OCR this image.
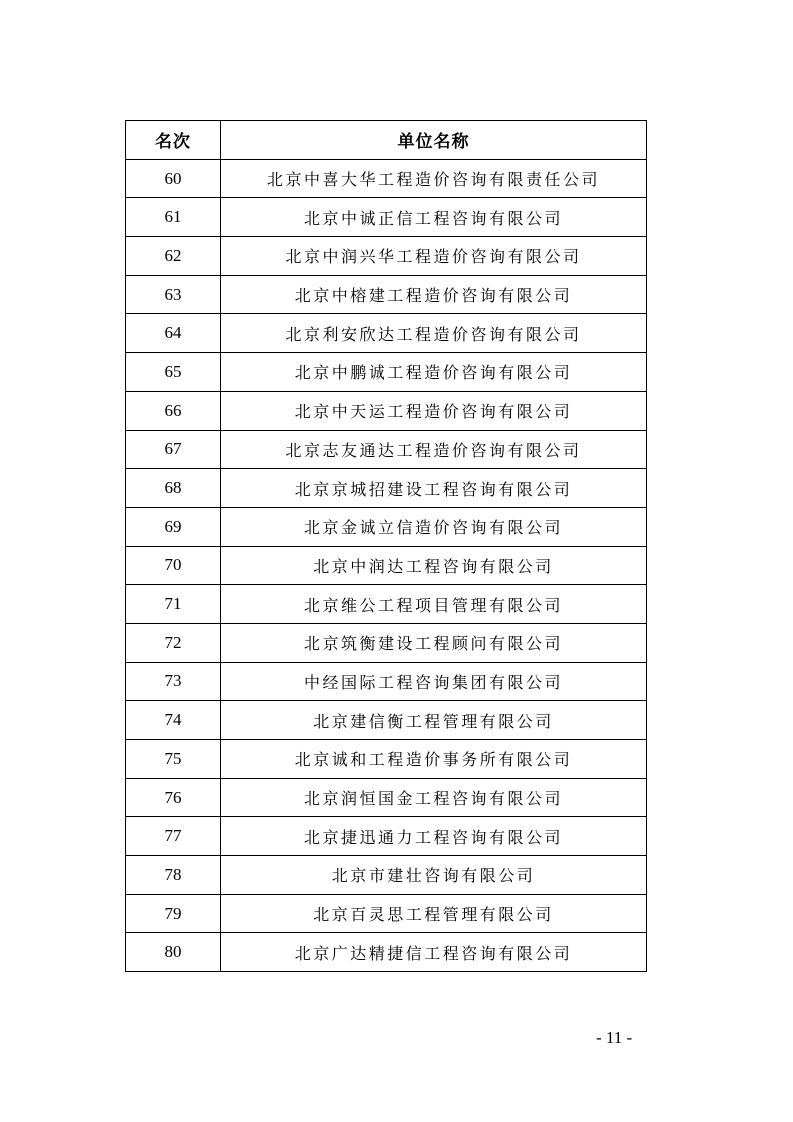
名次	单位名称
60	北京中喜大华工程造价咨询有限责任公司
61	北京中诚正信工程咨询有限公司
62	北京中润兴华工程造价咨询有限公司
63	北京中榕建工程造价咨询有限公司
64	北京利安欣达工程造价咨询有限公司
65	北京中鹏诚工程造价咨询有限公司
66	北京中天运工程造价咨询有限公司
67	北京志友通达工程造价咨询有限公司
68	北京京城招建设工程咨询有限公司
69	北京金诚立信造价咨询有限公司
70	北京中润达工程咨询有限公司
71	北京维公工程项目管理有限公司
72	北京筑衡建设工程顾问有限公司
73	中经国际工程咨询集团有限公司
74	北京建信衡工程管理有限公司
75	北京诚和工程造价事务所有限公司
76	北京润恒国金工程咨询有限公司
77	北京捷迅通力工程咨询有限公司
78	北京市建壮咨询有限公司
79	北京百灵思工程管理有限公司
80	北京广达精捷信工程咨询有限公司
- 11 -
